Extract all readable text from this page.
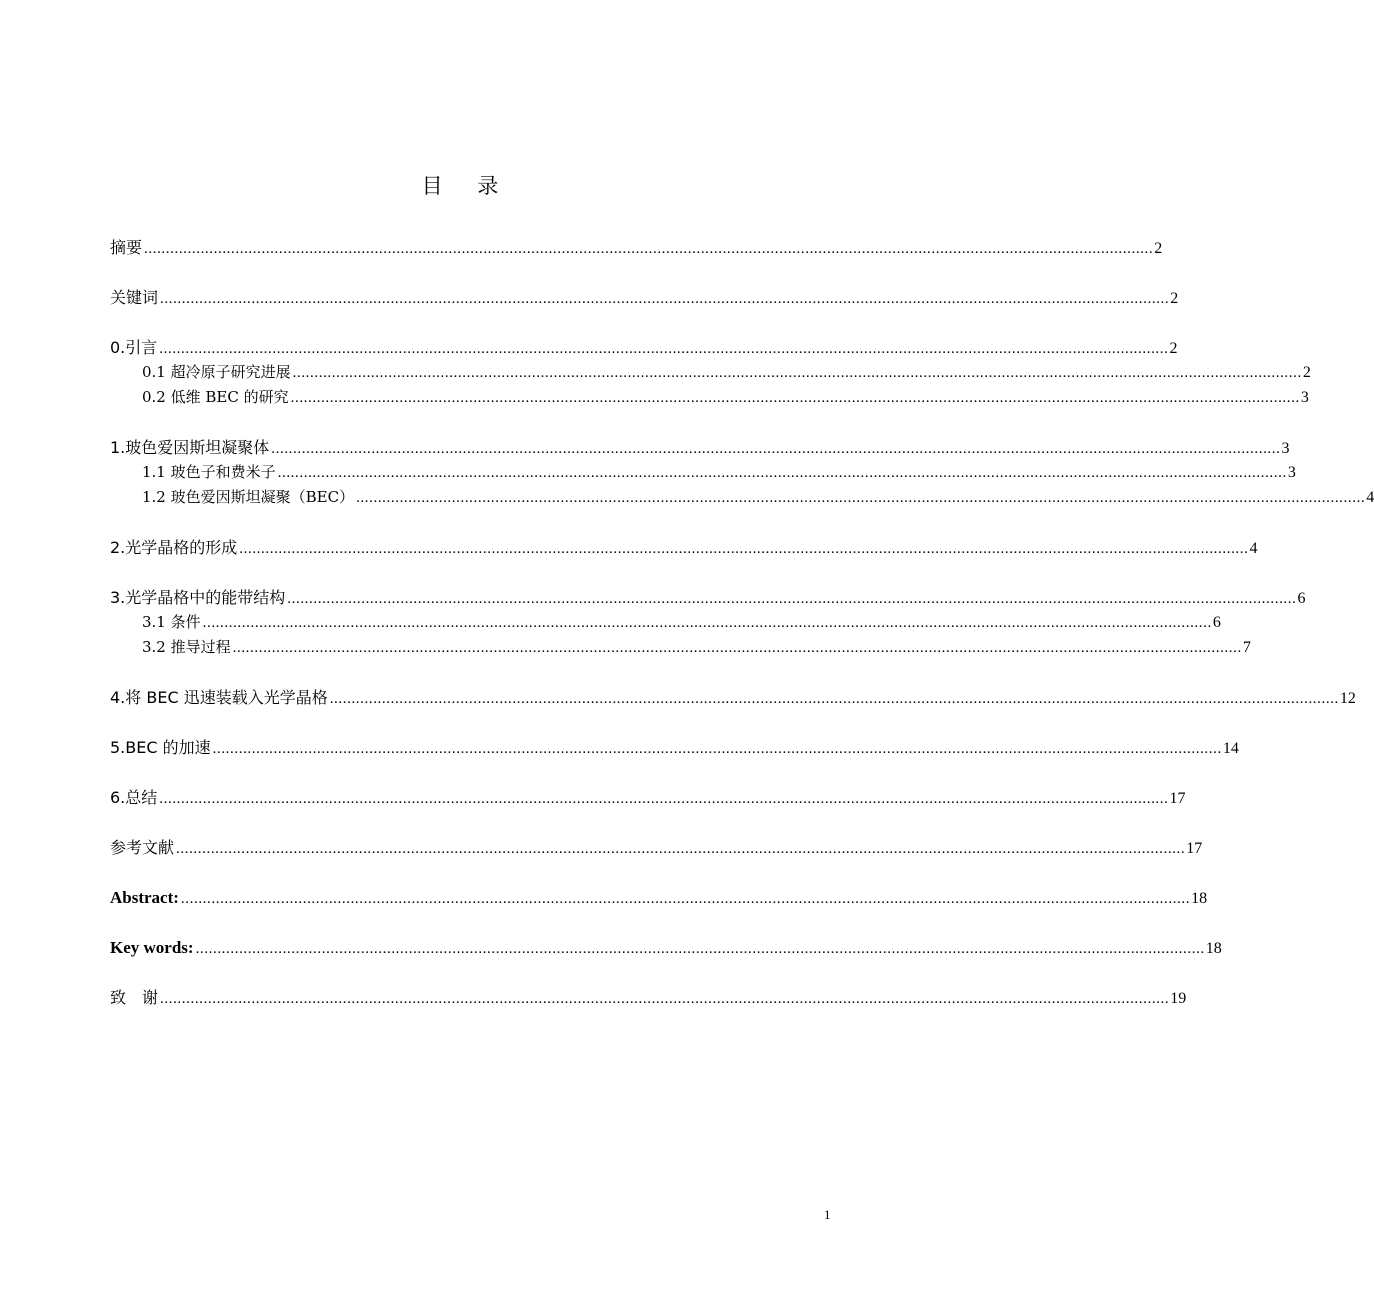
目 录
摘要 ........................................................................................................................................................................................................................................ 2
关键词 ........................................................................................................................................................................................................................................ 2
0.引言 ........................................................................................................................................................................................................................................ 2
0.1 超冷原子研究进展 ........................................................................................................................................................................................................................................ 2
0.2 低维 BEC 的研究 ........................................................................................................................................................................................................................................ 3
1.玻色爱因斯坦凝聚体 ........................................................................................................................................................................................................................................ 3
1.1 玻色子和费米子 ........................................................................................................................................................................................................................................ 3
1.2 玻色爱因斯坦凝聚（BEC） ........................................................................................................................................................................................................................................ 4
2.光学晶格的形成 ........................................................................................................................................................................................................................................ 4
3.光学晶格中的能带结构 ........................................................................................................................................................................................................................................ 6
3.1 条件 ........................................................................................................................................................................................................................................ 6
3.2 推导过程 ........................................................................................................................................................................................................................................ 7
4.将 BEC 迅速装载入光学晶格 ........................................................................................................................................................................................................................................ 12
5.BEC 的加速 ........................................................................................................................................................................................................................................ 14
6.总结 ........................................................................................................................................................................................................................................ 17
参考文献 ........................................................................................................................................................................................................................................ 17
Abstract: ........................................................................................................................................................................................................................................ 18
Key words: ........................................................................................................................................................................................................................................ 18
致　谢 ........................................................................................................................................................................................................................................ 19
1
